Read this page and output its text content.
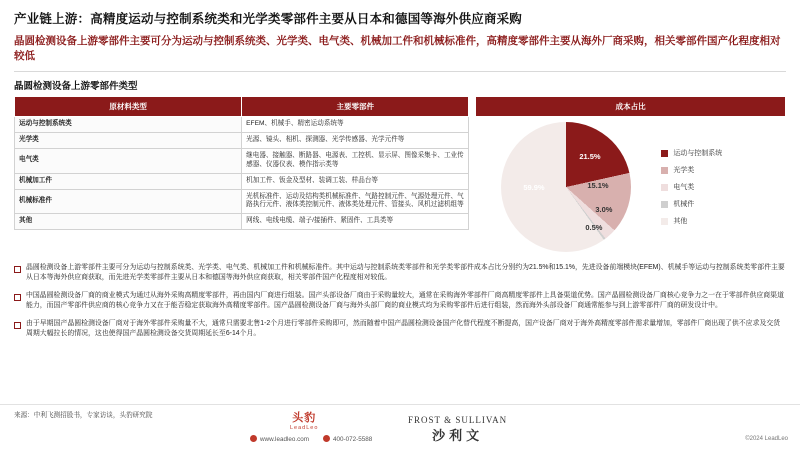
产业链上游：高精度运动与控制系统类和光学类零部件主要从日本和德国等海外供应商采购
晶圆检测设备上游零部件主要可分为运动与控制系统类、光学类、电气类、机械加工件和机械标准件，高精度零部件主要从海外厂商采购，相关零部件国产化程度相对较低
晶圆检测设备上游零部件类型
原材料类型	主要零部件
运动与控制系统类	EFEM、机械手、精密运动系统等
光学类	光源、镜头、相机、探测器、光学传感器、光学元件等
电气类	继电器、接触器、断路器、电源表、工控机、显示屏、图像采集卡、工业传感器、仪器仪表、模作指示类等
机械加工件	机加工件、钣金及型材、装调工装、样品台等
机械标准件	光机标准件、运动及结构类机械标准件、气路控制元件、气源处理元件、气路执行元件、液体类控制元件、液体类处理元件、管接头、风机过滤机组等
其他	网线、电线电缆、端子/接插件、紧固件、工具类等
成本占比
21.5%
15.1%
3.0%
0.5%
59.9%
运动与控制系统
光学类
电气类
机械件
其他
晶圆检测设备上游零部件主要可分为运动与控制系统类、光学类、电气类、机械加工件和机械标准件。其中运动与控制系统类零部件和光学类零部件成本占比分别约为21.5%和15.1%，先进设备前端模块(EFEM)、机械手等运动与控制系统类零部件主要从日本等海外供应商获取，而先进光学类零部件主要从日本和德国等海外供应商获取，相关零部件国产化程度相对较低。
中国晶圆检测设备厂商的商业模式为通过从海外采购高精度零部件，再由国内厂商进行组装。国产头部设备厂商由于采购量较大，通常在采购海外零部件厂商高精度零部件上具备渠道优势。国产晶圆检测设备厂商核心竞争力之一在于零部件供应商渠道能力，而国产零部件供应商的核心竞争力又在于能否稳定获取海外高精度零部件。国产晶圆检测设备厂商与海外头部厂商的商业模式均为采购零部件后进行组装，然而海外头部设备厂商通常能参与到上游零部件厂商的研发设计中。
由于早期国产晶圆检测设备厂商对于海外零部件采购量不大，通常只需要北售1-2个月进行零部件采购即可，然而随着中国产晶圆检测设备国产化替代程度不断提高，国产设备厂商对于海外高精度零部件需求量增加，零部件厂商出现了供不应求及交货周期大幅拉长的情况，这也使得国产晶圆检测设备交货周期延长至6-14个月。
来源：中利飞测招股书，专家访谈，头豹研究院	头豹
LeadLeo
www.leadleo.com	400-072-5588
FROST & SULLIVAN
沙利文	©2024 LeadLeo
